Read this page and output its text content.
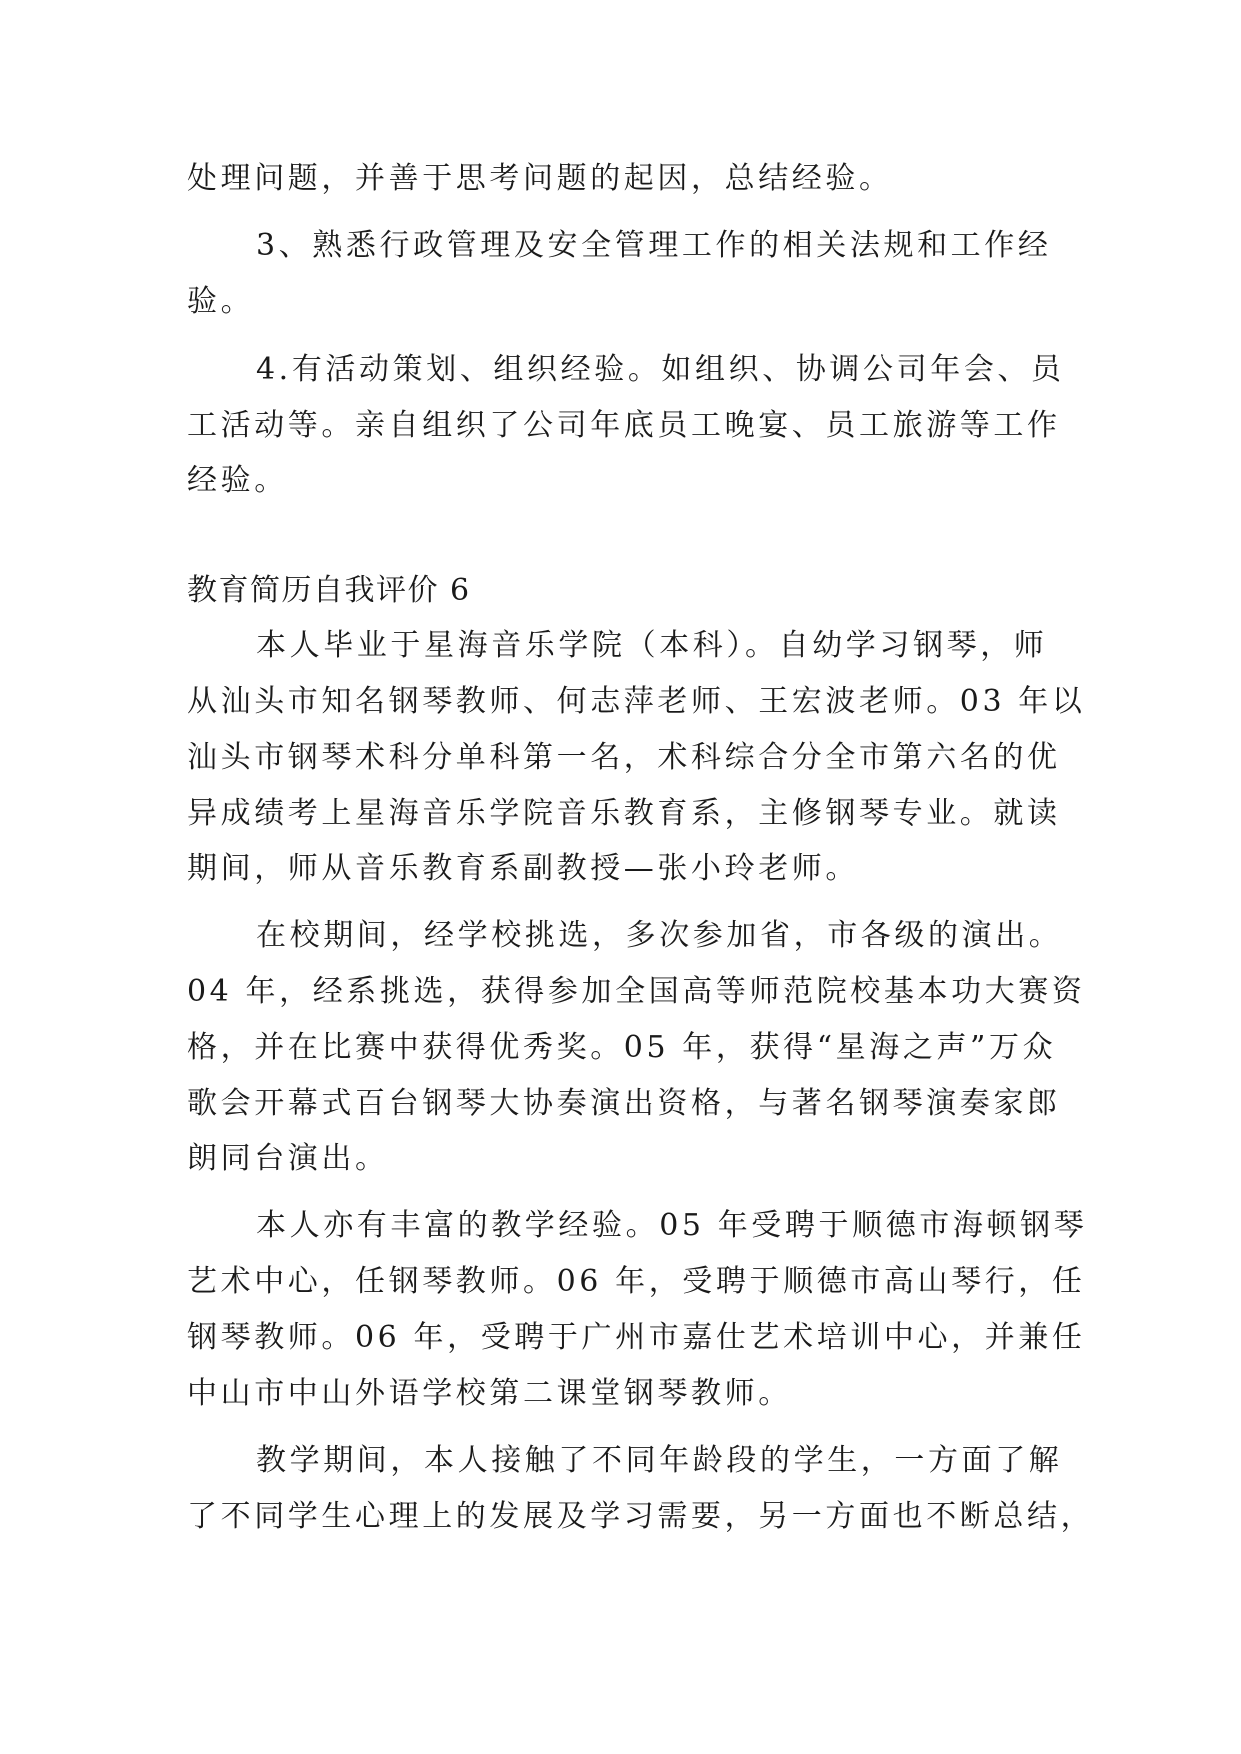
处理问题，并善于思考问题的起因，总结经验。

3、熟悉行政管理及安全管理工作的相关法规和工作经

验。

4.有活动策划、组织经验。如组织、协调公司年会、员

工活动等。亲自组织了公司年底员工晚宴、员工旅游等工作

经验。

教育简历自我评价 6

本人毕业于星海音乐学院（本科）。自幼学习钢琴，师

从汕头市知名钢琴教师、何志萍老师、王宏波老师。03 年以

汕头市钢琴术科分单科第一名，术科综合分全市第六名的优

异成绩考上星海音乐学院音乐教育系，主修钢琴专业。就读

期间，师从音乐教育系副教授—张小玲老师。

在校期间，经学校挑选，多次参加省，市各级的演出。

04 年，经系挑选，获得参加全国高等师范院校基本功大赛资

格，并在比赛中获得优秀奖。05 年，获得“星海之声”万众

歌会开幕式百台钢琴大协奏演出资格，与著名钢琴演奏家郎

朗同台演出。

本人亦有丰富的教学经验。05 年受聘于顺德市海顿钢琴

艺术中心，任钢琴教师。06 年，受聘于顺德市高山琴行，任

钢琴教师。06 年，受聘于广州市嘉仕艺术培训中心，并兼任

中山市中山外语学校第二课堂钢琴教师。

教学期间，本人接触了不同年龄段的学生，一方面了解

了不同学生心理上的发展及学习需要，另一方面也不断总结，
